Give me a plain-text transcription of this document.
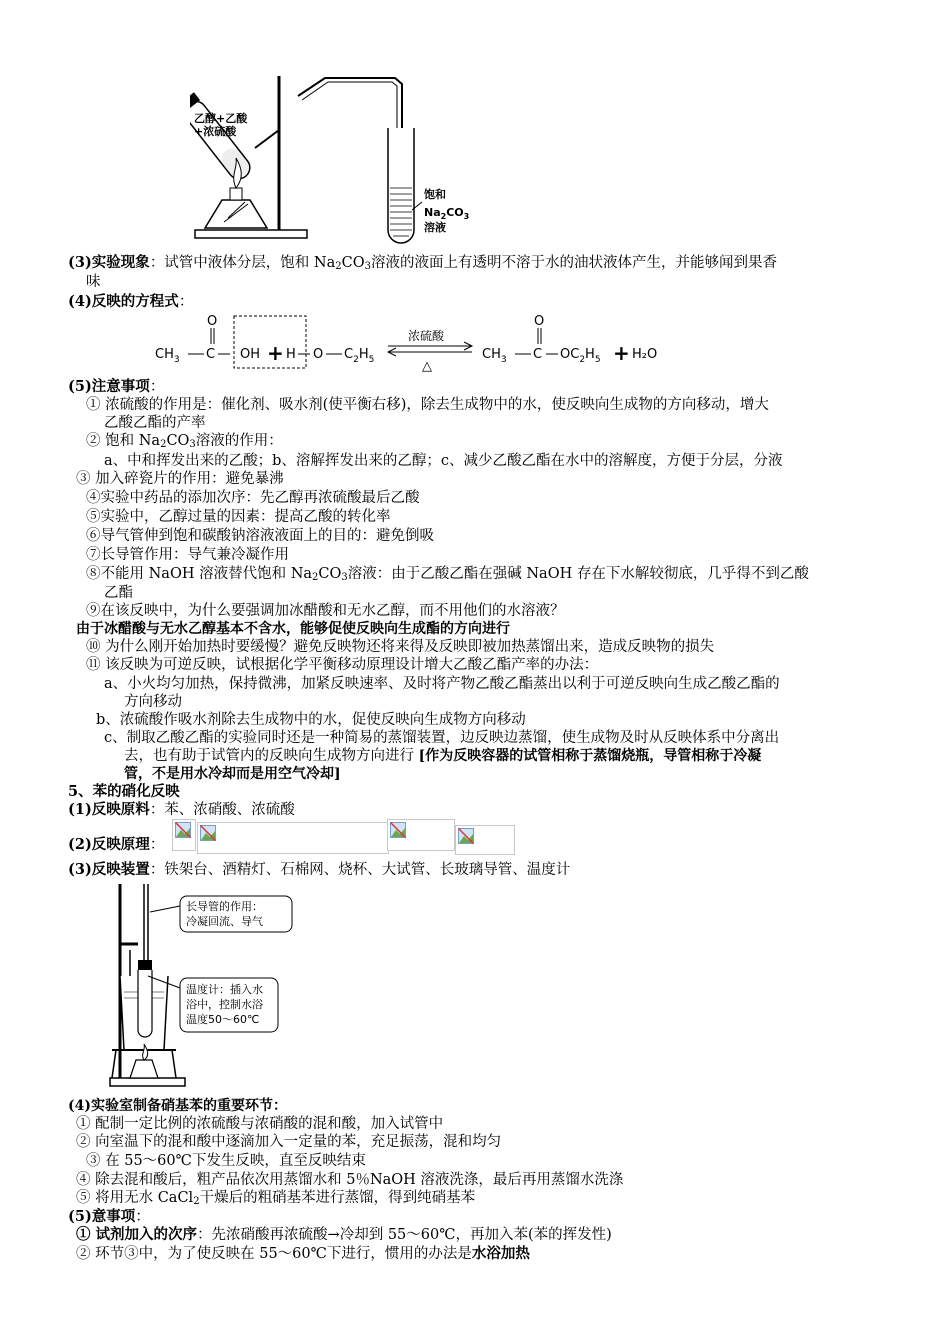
乙醇+乙酸
+浓硫酸
饱和
$Na_2CO_3$
溶液
(3)实验现象：试管中液体分层，饱和 $Na_2CO_3$溶液的液面上有透明不溶于水的油状液体产生，并能够闻到果香
味
(4)反映的方程式：
$CH_3$ C
O
OH + H O $C_2H_5$
浓硫酸
△
$CH_3$ C
O
$OC_2H_5 + H_2O$
(5)注意事项：
① 浓硫酸的作用是：催化剂、吸水剂(使平衡右移)，除去生成物中的水，使反映向生成物的方向移动，增大
乙酸乙酯的产率
② 饱和 $Na_2CO_3$溶液的作用：
a、中和挥发出来的乙酸；b、溶解挥发出来的乙醇；c、减少乙酸乙酯在水中的溶解度，方便于分层，分液
③ 加入碎瓷片的作用：避免暴沸
④实验中药品的添加次序：先乙醇再浓硫酸最后乙酸
⑤实验中，乙醇过量的因素：提高乙酸的转化率
⑥导气管伸到饱和碳酸钠溶液液面上的目的：避免倒吸
⑦长导管作用：导气兼冷凝作用
⑧不能用 NaOH 溶液替代饱和 $Na_2CO_3$溶液：由于乙酸乙酯在强碱 NaOH 存在下水解较彻底，几乎得不到乙酸
乙酯
⑨在该反映中，为什么要强调加冰醋酸和无水乙醇，而不用他们的水溶液？
由于冰醋酸与无水乙醇基本不含水，能够促使反映向生成酯的方向进行
⑩ 为什么刚开始加热时要缓慢？避免反映物还将来得及反映即被加热蒸馏出来，造成反映物的损失
⑪ 该反映为可逆反映，试根据化学平衡移动原理设计增大乙酸乙酯产率的办法：
a、小火均匀加热，保持微沸，加紧反映速率、及时将产物乙酸乙酯蒸出以利于可逆反映向生成乙酸乙酯的
方向移动
b、浓硫酸作吸水剂除去生成物中的水，促使反映向生成物方向移动
c、制取乙酸乙酯的实验同时还是一种简易的蒸馏装置，边反映边蒸馏，使生成物及时从反映体系中分离出
去，也有助于试管内的反映向生成物方向进行 [作为反映容器的试管相称于蒸馏烧瓶，导管相称于冷凝
管，不是用水冷却而是用空气冷却]
5、苯的硝化反映
(1)反映原料：苯、浓硝酸、浓硫酸
(2)反映原理：
(3)反映装置：铁架台、酒精灯、石棉网、烧杯、大试管、长玻璃导管、温度计
长导管的作用：
冷凝回流、导气
温度计：插入水
浴中，控制水浴
温度50～60℃
(4)实验室制备硝基苯的重要环节：
① 配制一定比例的浓硫酸与浓硝酸的混和酸，加入试管中
② 向室温下的混和酸中逐滴加入一定量的苯，充足振荡，混和均匀
③ 在 55～60℃下发生反映，直至反映结束
④ 除去混和酸后，粗产品依次用蒸馏水和 5％NaOH 溶液洗涤，最后再用蒸馏水洗涤
⑤ 将用无水 CaCl$_2$干燥后的粗硝基苯进行蒸馏，得到纯硝基苯
(5)意事项：
① 试剂加入的次序：先浓硝酸再浓硫酸→冷却到 55～60℃，再加入苯(苯的挥发性)
② 环节③中，为了使反映在 55～60℃下进行，惯用的办法是水浴加热
